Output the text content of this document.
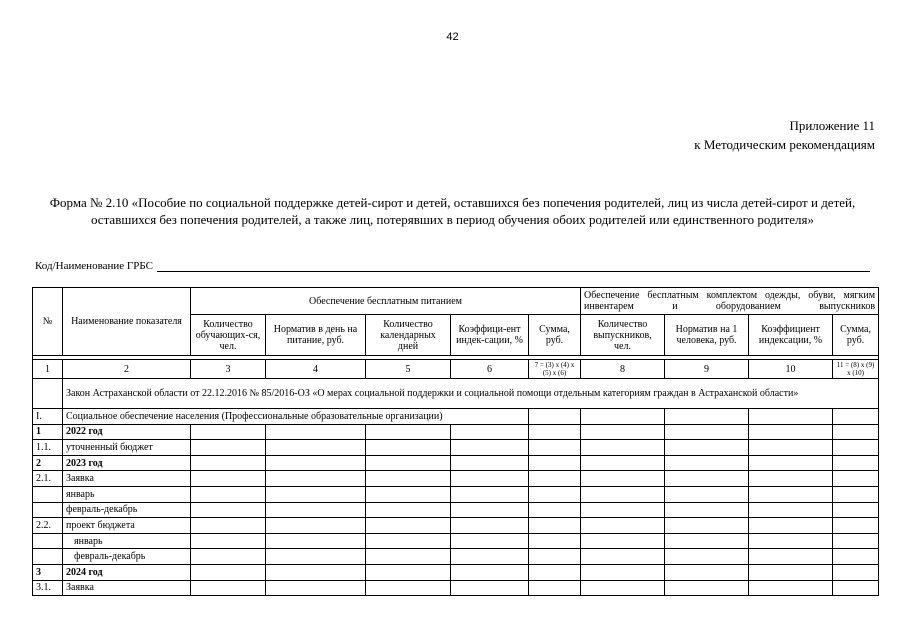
42
Приложение 11
к Методическим рекомендациям
Форма № 2.10 «Пособие по социальной поддержке детей-сирот и детей, оставшихся без попечения родителей, лиц из числа детей-сирот и детей, оставшихся без попечения родителей, а также лиц, потерявших в период обучения обоих родителей или единственного родителя»
Код/Наименование ГРБС
№	Наименование показателя	Обеспечение бесплатным питанием					Обеспечение бесплатным комплектом одежды, обуви, мягким инвентарем и оборудованием выпускников			
		Количество обучающих-ся, чел.	Норматив в день на питание, руб.	Количество календарных дней	Коэффици-ент индек-сации, %	Сумма, руб.	Количество выпускников, чел.	Норматив на 1 человека, руб.	Коэффициент индексации, %	Сумма, руб.

1	2	3	4	5	6	7 = (3) x (4) x (5) x (6)	8	9	10	11 = (8) x (9) x (10)
	Закон Астраханской области от 22.12.2016 № 85/2016-ОЗ «О мерах социальной поддержки и социальной помощи отдельным категориям граждан в Астраханской области»									
I.	Социальное обеспечение населения (Профессиональные образовательные организации)									
1	2022 год									
1.1.	уточненный бюджет									
2	2023 год									
2.1.	Заявка									
	январь									
	февраль-декабрь									
2.2.	проект бюджета									
	январь									
	февраль-декабрь									
3	2024 год									
3.1.	Заявка									
